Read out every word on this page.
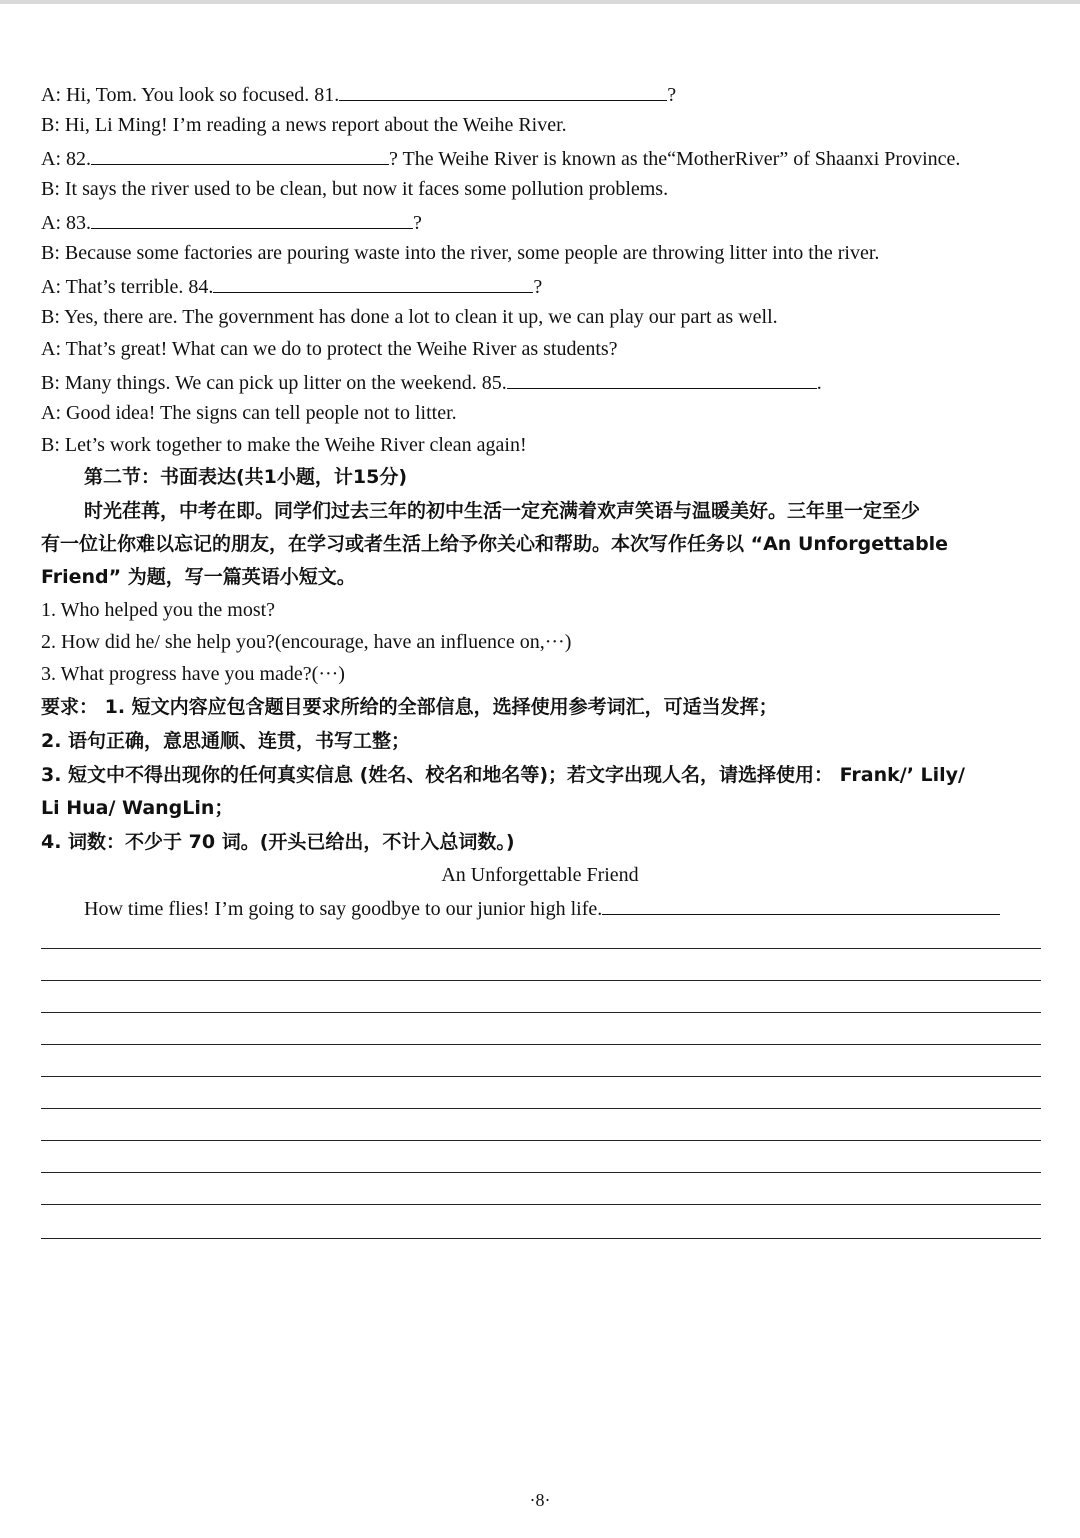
A: Hi, Tom. You look so focused. 81.	?
B: Hi, Li Ming! I’m reading a news report about the Weihe River.
A: 82.	? The Weihe River is known as the“MotherRiver” of Shaanxi Province.
B: It says the river used to be clean, but now it faces some pollution problems.
A: 83.	?
B: Because some factories are pouring waste into the river, some people are throwing litter into the river.
A: That’s terrible. 84.	?
B: Yes, there are. The government has done a lot to clean it up, we can play our part as well.
A: That’s great! What can we do to protect the Weihe River as students?
B: Many things. We can pick up litter on the weekend. 85.	.
A: Good idea! The signs can tell people not to litter.
B: Let’s work together to make the Weihe River clean again!
第二节：书面表达(共1小题，计15分)
时光荏苒，中考在即。同学们过去三年的初中生活一定充满着欢声笑语与温暖美好。三年里一定至少
有一位让你难以忘记的朋友，在学习或者生活上给予你关心和帮助。本次写作任务以 “An Unforgettable
Friend” 为题，写一篇英语小短文。
1. Who helped you the most?
2. How did he/ she help you?(encourage, have an influence on,···)
3. What progress have you made?(···)
要求： 1. 短文内容应包含题目要求所给的全部信息，选择使用参考词汇，可适当发挥；
2. 语句正确，意思通顺、连贯，书写工整；
3. 短文中不得出现你的任何真实信息 (姓名、校名和地名等)；若文字出现人名，请选择使用： Frank/’ Lily/
Li Hua/ WangLin；
4. 词数：不少于 70 词。(开头已给出，不计入总词数。)
An Unforgettable Friend
How time flies! I’m going to say goodbye to our junior high life.
·8·
